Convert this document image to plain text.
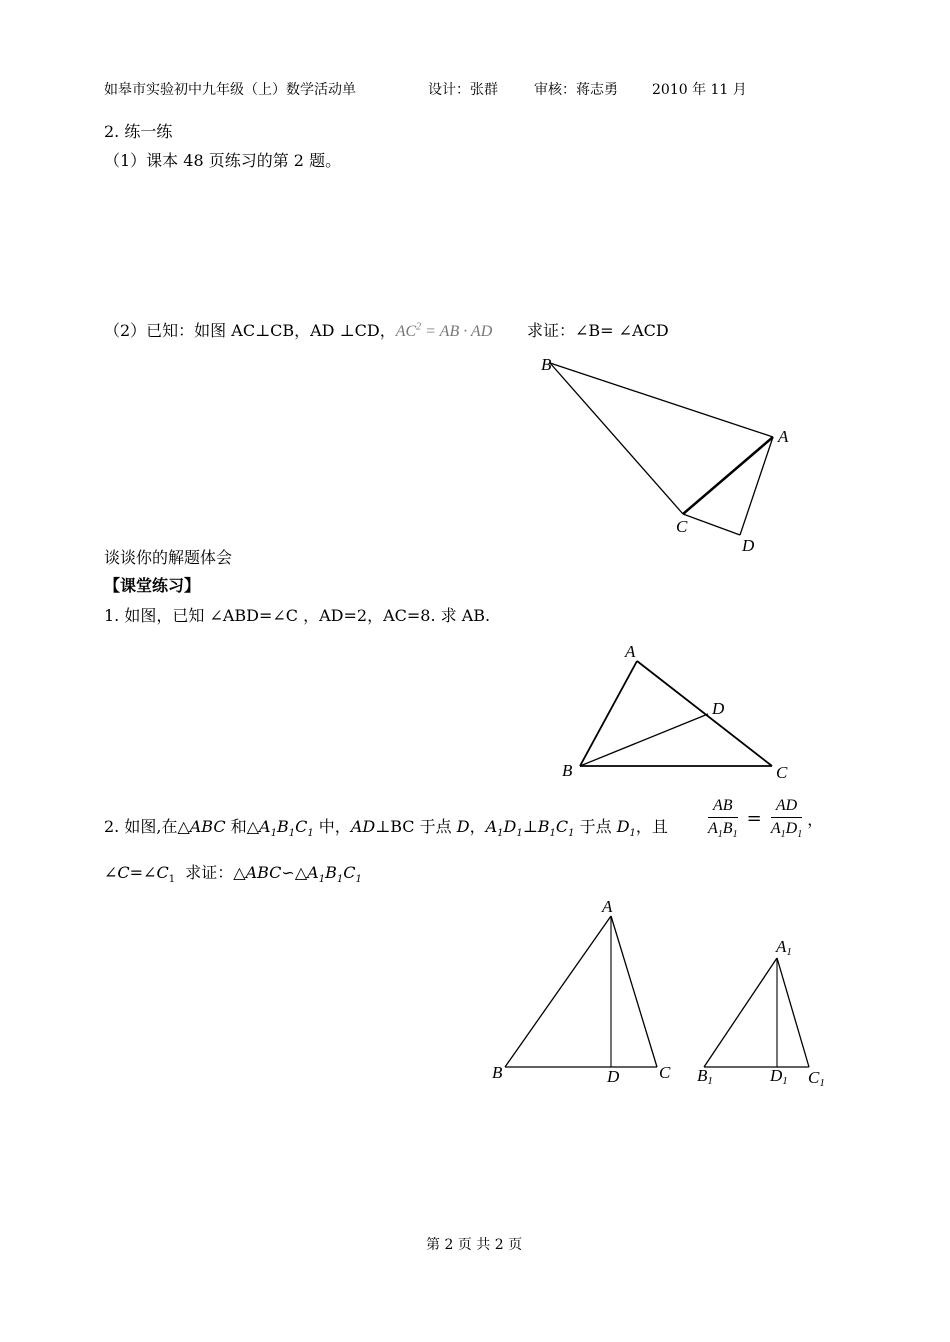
如皋市实验初中九年级（上）数学活动单	设计：张群	审核：蒋志勇 2010 年 11 月
2. 练一练
（1）课本 48 页练习的第 2 题。
（2）已知：如图 AC⊥CB，AD ⊥CD，$AC^2$ = AB · AD 求证：∠B= ∠ACD
B
A
C
D
谈谈你的解题体会
【课堂练习】
1. 如图，已知 ∠ABD=∠C ，AD=2，AC=8. 求 AB.
A
D
B	C
2. 如图,在△ABC 和$\triangle A_1B_1C_1$ 中，AD⊥BC 于点 D，$A_1D_1\perp B_1C_1$ 于点 $D_1$，且	$\frac{AB}{A_1B_1} = \frac{AD}{A_1D_1}$ ，
$\angle C=\angle C_1$  求证：$\triangle ABC∽\triangle A_1B_1C_1$
A
B	D C
A1
B1	D1 C1
第 2 页 共 2 页
